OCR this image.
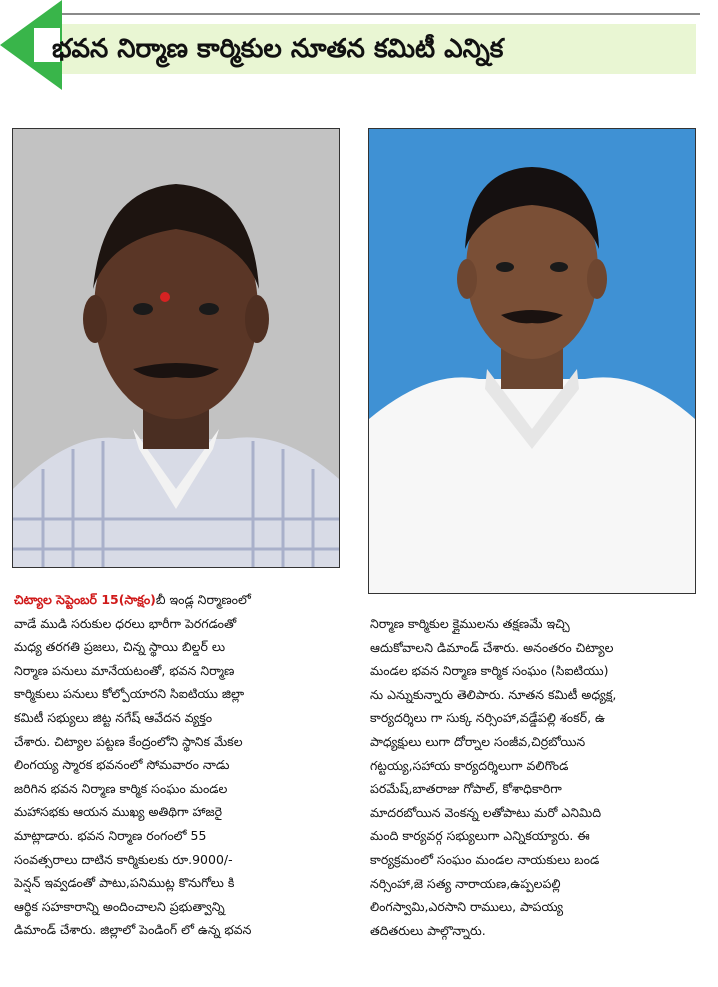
భవన నిర్మాణ కార్మికుల నూతన కమిటీ ఎన్నిక
చిట్యాల సెప్టెంబర్ 15(సాక్షం)బీ ఇండ్ల నిర్మాణంలో
వాడే ముడి సరుకుల ధరలు భారీగా పెరగడంతో
మధ్య తరగతి ప్రజలు, చిన్న స్థాయి బిల్డర్ లు
నిర్మాణ పనులు మానేయటంతో, భవన నిర్మాణ
కార్మికులు పనులు కోల్పోయారని సిఐటియు జిల్లా
కమిటీ సభ్యులు జిట్ట నగేష్ ఆవేదన వ్యక్తం
చేశారు. చిట్యాల పట్టణ కేంద్రంలోని స్థానిక మేకల
లింగయ్య స్మారక భవనంలో సోమవారం నాడు
జరిగిన భవన నిర్మాణ కార్మిక సంఘం మండల
మహాసభకు ఆయన ముఖ్య అతిథిగా హాజరై
మాట్లాడారు. భవన నిర్మాణ రంగంలో 55
సంవత్సరాలు దాటిన కార్మికులకు రూ.9000/-
పెన్షన్ ఇవ్వడంతో పాటు,పనిముట్ల కొనుగోలు కి
ఆర్థిక సహకారాన్ని అందించాలని ప్రభుత్వాన్ని
డిమాండ్ చేశారు. జిల్లాలో పెండింగ్ లో ఉన్న భవన
నిర్మాణ కార్మికుల క్లైములను తక్షణమే ఇచ్చి
ఆదుకోవాలని డిమాండ్ చేశారు. అనంతరం చిట్యాల
మండల భవన నిర్మాణ కార్మిక సంఘం (సిఐటియు)
ను ఎన్నుకున్నారు తెలిపారు. నూతన కమిటీ అధ్యక్ష,
కార్యదర్శిలు గా సుక్క నర్సింహా,వడ్డేపల్లి శంకర్, ఉ
పాధ్యక్షులు లుగా దోర్నాల సంజీవ,చిర్రబోయిన
గట్టయ్య,సహాయ కార్యదర్శిలుగా వలిగొండ
పరమేష్,బాతరాజు గోపాల్, కోశాధికారిగా
మాదరబోయిన వెంకన్న లతోపాటు మరో ఎనిమిది
మంది కార్యవర్గ సభ్యులుగా ఎన్నికయ్యారు. ఈ
కార్యక్రమంలో సంఘం మండల నాయకులు బండ
నర్సింహా,జె సత్య నారాయణ,ఉప్పలపల్లి
లింగస్వామి,ఎరసాని రాములు, పాపయ్య
తదితరులు పాల్గొన్నారు.
